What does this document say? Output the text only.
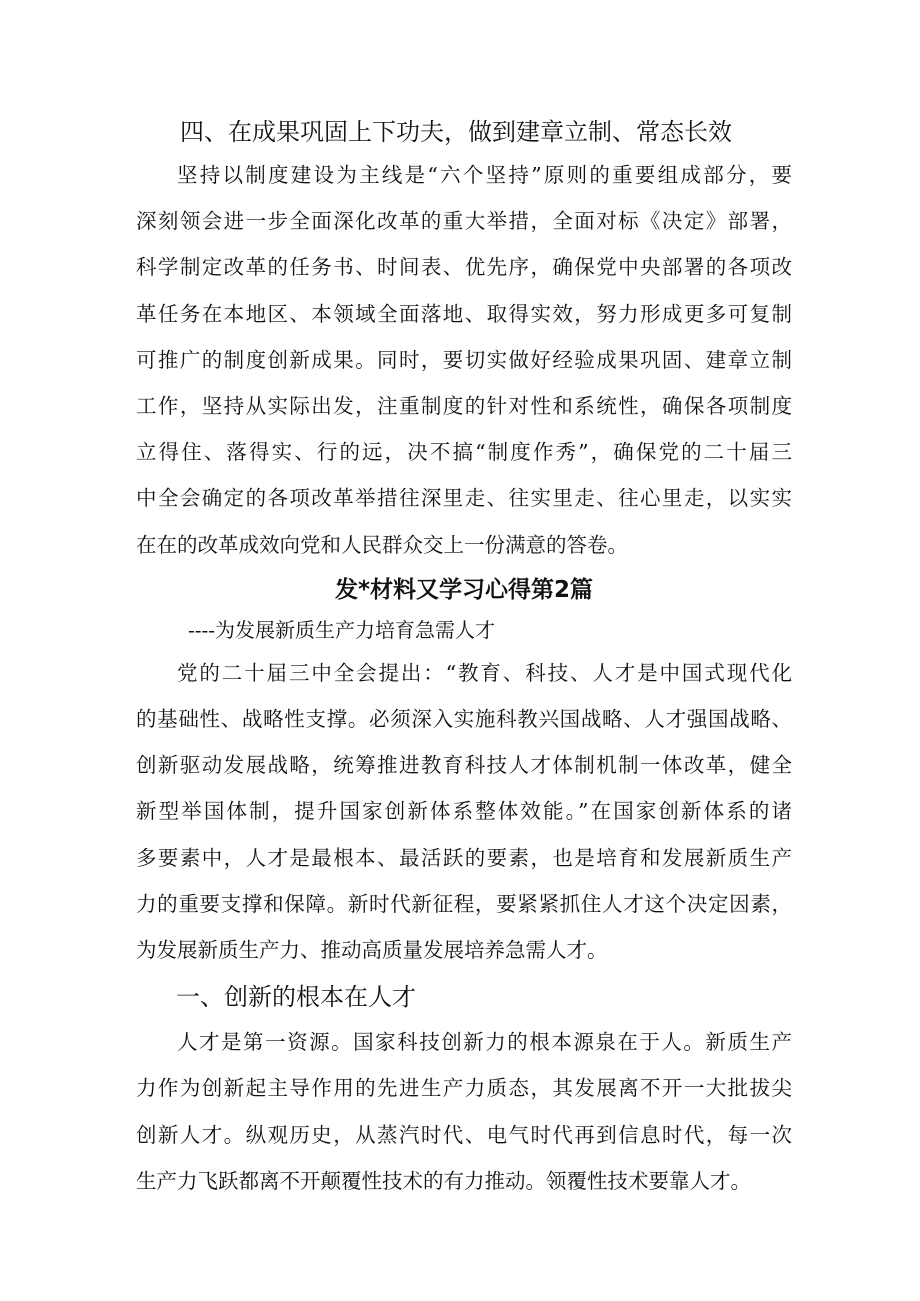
四、在成果巩固上下功夫，做到建章立制、常态长效
坚持以制度建设为主线是“六个坚持”原则的重要组成部分，要
深刻领会进一步全面深化改革的重大举措，全面对标《决定》部署，
科学制定改革的任务书、时间表、优先序，确保党中央部署的各项改
革任务在本地区、本领域全面落地、取得实效，努力形成更多可复制
可推广的制度创新成果。同时，要切实做好经验成果巩固、建章立制
工作，坚持从实际出发，注重制度的针对性和系统性，确保各项制度
立得住、落得实、行的远，决不搞“制度作秀”，确保党的二十届三
中全会确定的各项改革举措往深里走、往实里走、往心里走，以实实
在在的改革成效向党和人民群众交上一份满意的答卷。
发*材料又学习心得第2篇

----为发展新质生产力培育急需人才

党的二十届三中全会提出：“教育、科技、人才是中国式现代化
的基础性、战略性支撑。必须深入实施科教兴国战略、人才强国战略、
创新驱动发展战略，统筹推进教育科技人才体制机制一体改革，健全
新型举国体制，提升国家创新体系整体效能。”在国家创新体系的诸
多要素中，人才是最根本、最活跃的要素，也是培育和发展新质生产
力的重要支撑和保障。新时代新征程，要紧紧抓住人才这个决定因素，
为发展新质生产力、推动高质量发展培养急需人才。
一、创新的根本在人才
人才是第一资源。国家科技创新力的根本源泉在于人。新质生产
力作为创新起主导作用的先进生产力质态，其发展离不开一大批拔尖
创新人才。纵观历史，从蒸汽时代、电气时代再到信息时代，每一次
生产力飞跃都离不开颠覆性技术的有力推动。领覆性技术要靠人才。
